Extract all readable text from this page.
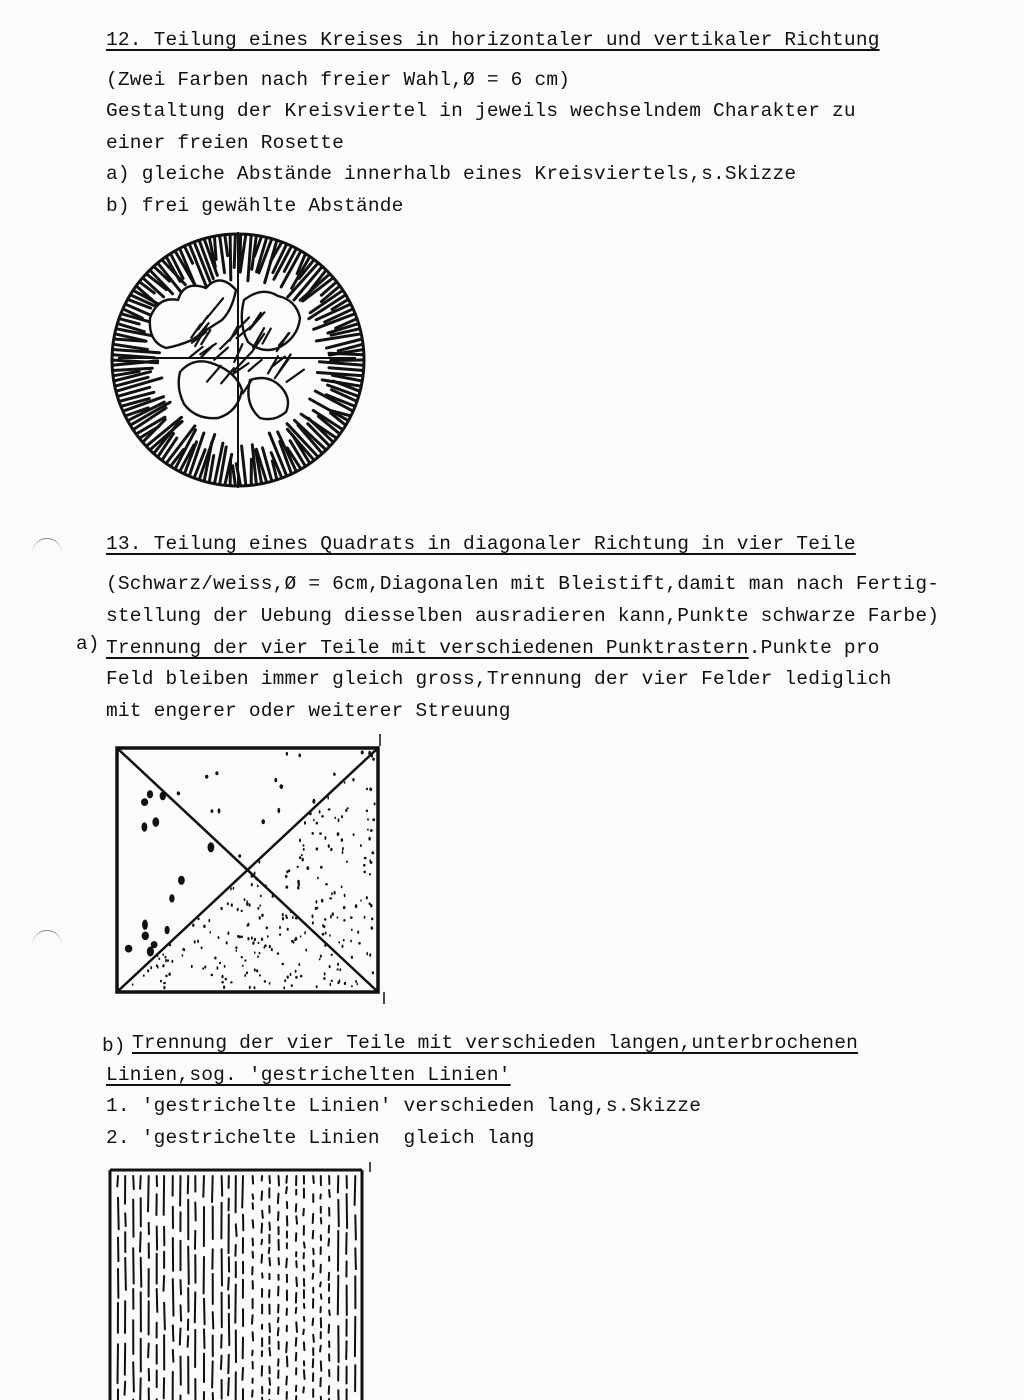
12. Teilung eines Kreises in horizontaler und vertikaler Richtung
(Zwei Farben nach freier Wahl,Ø = 6 cm)
Gestaltung der Kreisviertel in jeweils wechselndem Charakter zu
einer freien Rosette
a) gleiche Abstände innerhalb eines Kreisviertels,s.Skizze
b) frei gewählte Abstände
13. Teilung eines Quadrats in diagonaler Richtung in vier Teile
(Schwarz/weiss,Ø = 6cm,Diagonalen mit Bleistift,damit man nach Fertig-
stellung der Uebung diesselben ausradieren kann,Punkte schwarze Farbe)
a) Trennung der vier Teile mit verschiedenen Punktrastern.Punkte pro
Feld bleiben immer gleich gross,Trennung der vier Felder lediglich
mit engerer oder weiterer Streuung
b) Trennung der vier Teile mit verschieden langen,unterbrochenen
Linien,sog. 'gestrichelten Linien'
1. 'gestrichelte Linien' verschieden lang,s.Skizze
2. 'gestrichelte Linien  gleich lang
